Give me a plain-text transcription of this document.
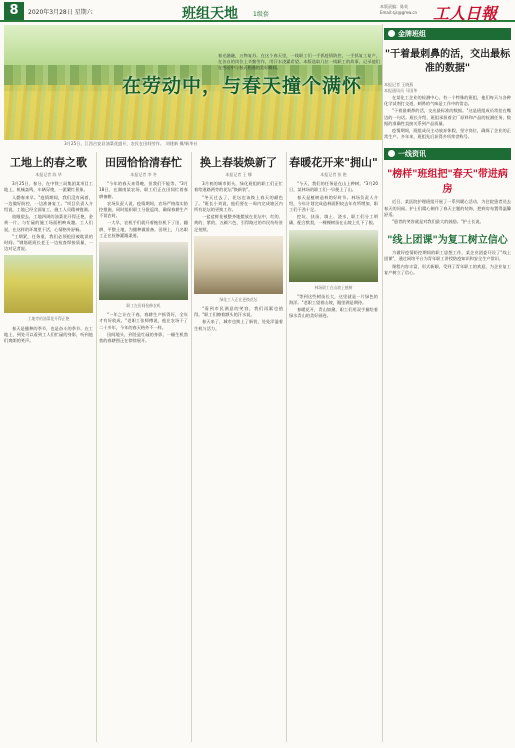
8	2020年3月28日 星期六	班组天地	1级套
本版责编：陈英
Email:sjs@gmw.cn 工人日報
春光融融，万物复苏。在这个春天里，一线职工们一手抓疫情防控，一手抓复工复产，在各自的岗位上辛勤劳作，用汗水浇灌希望。本版选取几位一线职工的故事，记录他们在劳动中与春天相遇的美好瞬间。
在劳动中，与春天撞个满怀
3月25日，江西吉安县油菜花盛开，农民在田间劳作。 刘建新 摄/新华社
工地上的春之歌
本报记者 陈 华

3月25日，春分，在中铁三局集团某项目工地上，机械轰鸣，车辆穿梭，一派繁忙景象。

人勤春来早。"疫情期间，我们没有闲着，一边做好防控，一边准备复工。"项目负责人介绍说，工地已经全面复工，施工人员精神饱满。

放眼望去，工地四周的油菜花开得正艳，金黄一片，与忙碌的施工场面相映成趣。工人们说，在这样的环境里干活，心情格外舒畅。

"工期紧，任务重，我们必须抢回被耽误的时间。"钢筋班班长老王一边检查焊接质量，一边对记者说。

工地旁的油菜花开得正艳

春天是播种的季节，也是奋斗的季节。在工地上，到处可以看到工人们忙碌的身影，听到他们爽朗的笑声。

田园恰恰清春忙
本报记者 李 冬

"今年的春天来得晚，但我们不能等。"3月18日，在湖南某农场，职工们正在田间忙着春耕备耕。

农场负责人说，疫情期间，农场严格落实防控措施，同时组织职工分批返岗，确保春耕生产不误农时。

一大早，农机手们就开着拖拉机下了田，翻耕、平整土地，为播种做准备。田埂上，几名职工正在检修灌溉渠道。

职工在田间检修农机

"一年之计在于春，春耕生产抓得好，全年才有好收成。"老职工张师傅说，他在农场干了二十多年，今年的春天格外不一样。

田间地头，到处是忙碌的身影，一幅生机勃勃的春耕图正在徐徐展开。

换上春装焕新了
本报记者 王 娜

3月初的城市街头，绿化班组的职工们正忙着给道路两旁的花坛"换新装"。

"冬天过去了，花坛也该换上春天的颜色了。"班长小刘说，他们要在一周内完成辖区内所有花坛的更换工作。

一盆盆鲜花被整齐地摆放在花坛中，红的、黄的、紫的，五颜六色，引得路过的市民纷纷驻足拍照。

绿化工人正在更换花坛

"看到市民满意的笑容，我们再累也值得。"职工们擦着额头的汗水说。

春天来了，城市也换上了新装，处处洋溢着生机与活力。

春暖花开来"拥山"
本报记者 张 艳

"今天，我们的任务是在山上种树。"3月20日，某林场的职工们一早便上了山。

春天是植树造林的好时节。林场负责人介绍，今年计划完成造林面积较去年有所增加，职工们干劲十足。

挖坑、扶苗、填土、浇水，职工们分工明确，配合默契，一棵棵树苗在山坡上扎下了根。

林场职工在山坡上植树

"等到这些树苗长大，这里就是一片绿色的海洋。"老职工望着山坡，眼里满是期待。

春暖花开，青山如黛，职工们用双手描绘着绿水青山的美好画卷。

金牌班组
"干着最刺鼻的活，交出最标准的数据"
本报记者 王晓燕
本报通讯员 马国华

在某化工企业的检测中心，有一个特殊的班组，他们每天与各种化学试剂打交道，刺鼻的气味是工作中的常态。

"干着最刺鼻的活，交出最标准的数据。"这是班组成员常挂在嘴边的一句话。班长介绍，班组承担着全厂原料和产品的检测任务，数据的准确性直接关系到产品质量。

疫情期间，班组成员主动放弃休假，坚守岗位，确保了企业的正常生产。多年来，班组先后获得多项荣誉称号。

一线资讯
"榜样"班组把"春天"带进病房

近日，某医院护理班组开展了一系列暖心活动，为住院患者送去春天的问候。护士们精心制作了春天主题的装饰，把病房布置得温馨舒适。

"患者的笑容就是对我们最大的鼓励。"护士长说。

"线上团课"为复工树立信心

为做好疫情防控期间的职工思想工作，某企业团委开设了"线上团课"，通过网络平台为青年职工讲授防疫知识和安全生产常识。

课程内容丰富，形式新颖，受到了青年职工的欢迎，为企业复工复产树立了信心。
